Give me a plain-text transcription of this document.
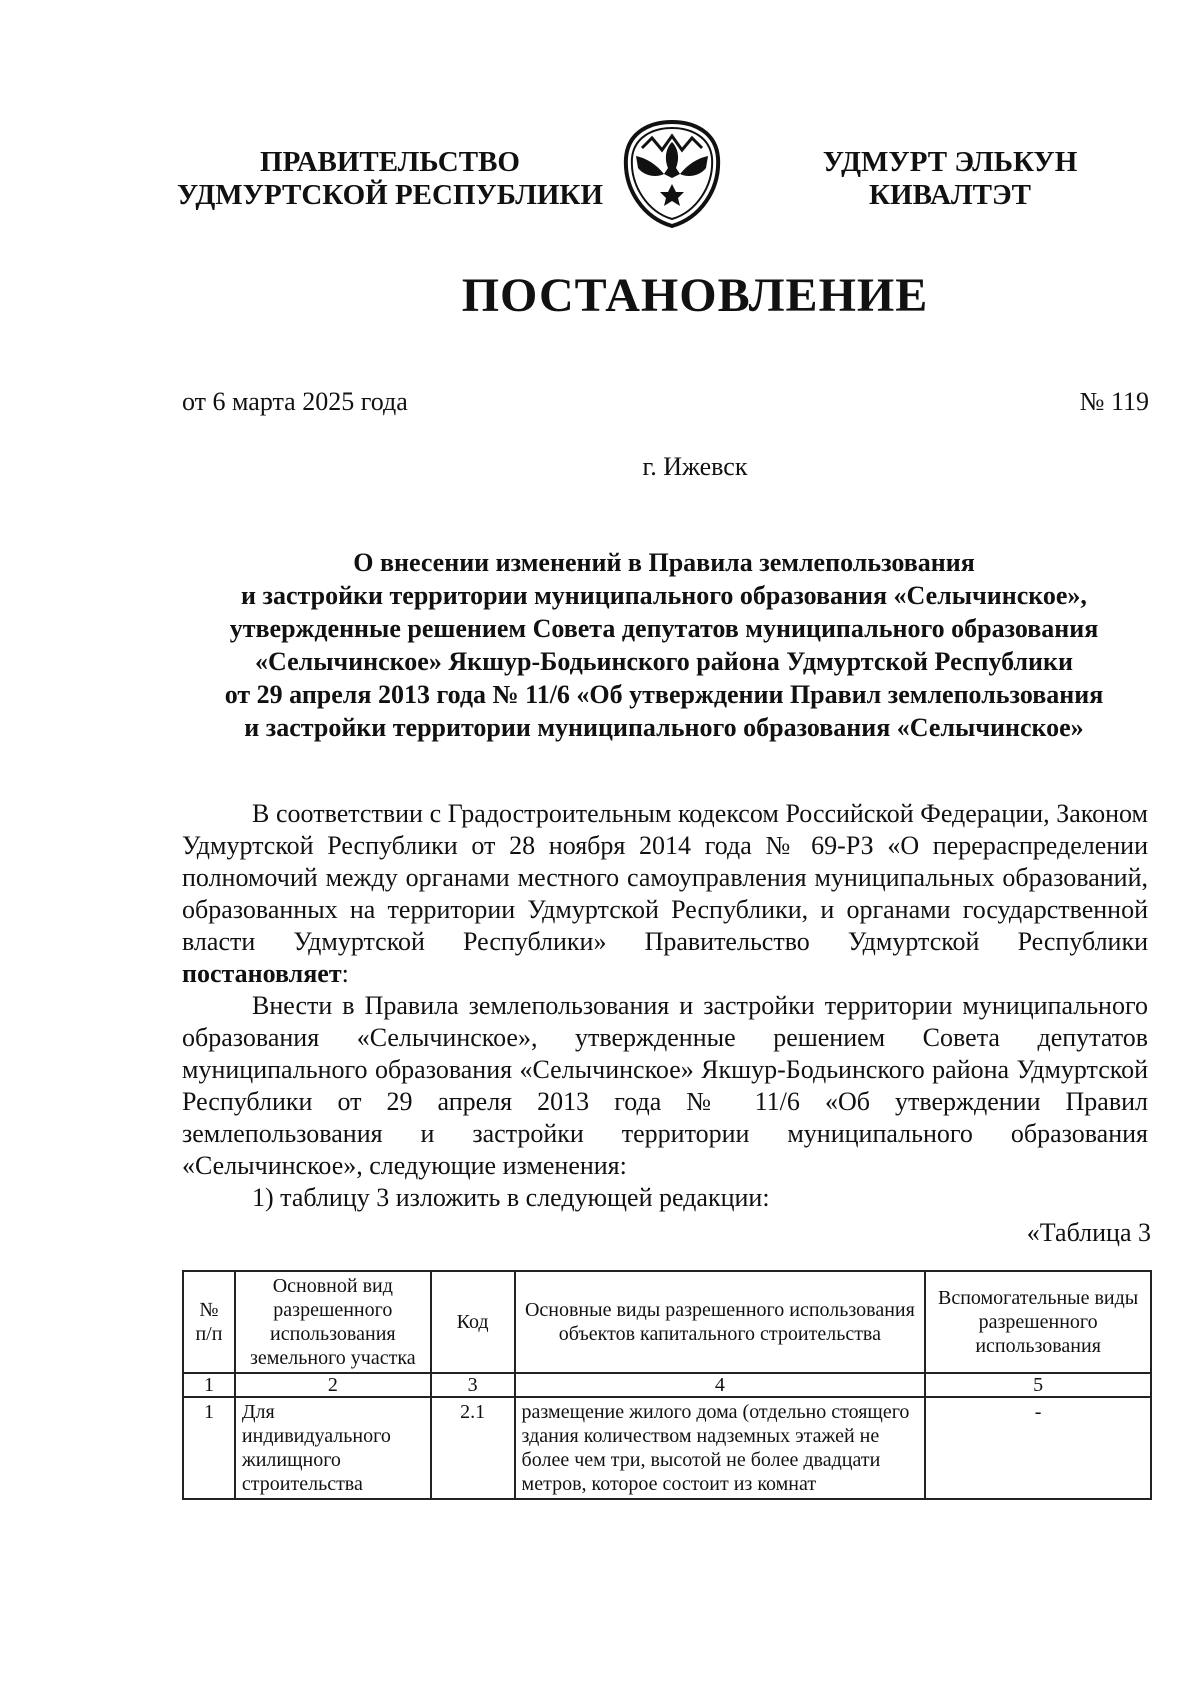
ПРАВИТЕЛЬСТВО
УДМУРТСКОЙ РЕСПУБЛИКИ
УДМУРТ ЭЛЬКУН
КИВАЛТЭТ
ПОСТАНОВЛЕНИЕ
от 6 марта 2025 года	№ 119
г. Ижевск
О внесении изменений в Правила землепользования
и застройки территории муниципального образования «Селычинское»,
утвержденные решением Совета депутатов муниципального образования
«Селычинское» Якшур-Бодьинского района Удмуртской Республики
от 29 апреля 2013 года № 11/6 «Об утверждении Правил землепользования
и застройки территории муниципального образования «Селычинское»

В соответствии с Градостроительным кодексом Российской Федерации, Законом Удмуртской Республики от 28 ноября 2014 года № 69-РЗ «О перераспределении полномочий между органами местного самоуправления муниципальных образований, образованных на территории Удмуртской Республики, и органами государственной власти Удмуртской Республики» Правительство Удмуртской Республики постановляет:

Внести в Правила землепользования и застройки территории муниципального образования «Селычинское», утвержденные решением Совета депутатов муниципального образования «Селычинское» Якшур-Бодьинского района Удмуртской Республики от 29 апреля 2013 года № 11/6 «Об утверждении Правил землепользования и застройки территории муниципального образования «Селычинское», следующие изменения:

1) таблицу 3 изложить в следующей редакции:

«Таблица 3
№ п/п	Основной вид разрешенного использования земельного участка	Код	Основные виды разрешенного использования объектов капитального строительства	Вспомогательные виды разрешенного использования
1	2	3	4	5
1	Для индивидуального жилищного строительства	2.1	размещение жилого дома (отдельно стоящего здания количеством надземных этажей не более чем три, высотой не более двадцати метров, которое состоит из комнат	-
